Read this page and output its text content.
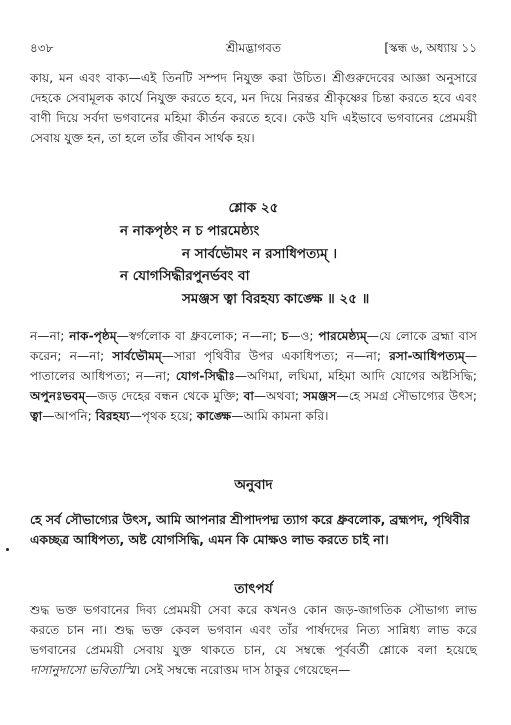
৪৩৮	শ্রীমদ্ভাগবত	[স্কন্ধ ৬, অধ্যায় ১১

কায়, মন এবং বাক্য—এই তিনটি সম্পদ নিযুক্ত করা উচিত। শ্রীগুরুদেবের আজ্ঞা অনুসারে দেহকে সেবামূলক কার্যে নিযুক্ত করতে হবে, মন দিয়ে নিরন্তর শ্রীকৃষ্ণের চিন্তা করতে হবে এবং বাণী দিয়ে সর্বদা ভগবানের মহিমা কীর্তন করতে হবে। কেউ যদি এইভাবে ভগবানের প্রেমময়ী সেবায় যুক্ত হন, তা হলে তাঁর জীবন সার্থক হয়।

শ্লোক ২৫

ন নাকপৃষ্ঠং ন চ পারমেষ্ঠ্যং
ন সার্বভৌমং ন রসাধিপত্যম্ ।
ন যোগসিদ্ধীরপুনর্ভবং বা
সমঞ্জস ত্বা বিরহয্য কাঙ্ক্ষে ॥ ২৫ ॥

ন—না; নাক-পৃষ্ঠম্—স্বর্গলোক বা ধ্রুবলোক; ন—না; চ—ও; পারমেষ্ঠ্যম্—যে লোকে ব্রহ্মা বাস করেন; ন—না; সার্বভৌমম্—সারা পৃথিবীর উপর একাধিপত্য; ন—না; রসা-আধিপত্যম্—পাতালের আধিপত্য; ন—না; যোগ-সিদ্ধীঃ—অণিমা, লঘিমা, মহিমা আদি যোগের অষ্টসিদ্ধি; অপুনঃভবম্—জড় দেহের বন্ধন থেকে মুক্তি; বা—অথবা; সমঞ্জস—হে সমগ্র সৌভাগ্যের উৎস; ত্বা—আপনি; বিরহয্য—পৃথক হয়ে; কাঙ্ক্ষে—আমি কামনা করি।

অনুবাদ

হে সর্ব সৌভাগ্যের উৎস, আমি আপনার শ্রীপাদপদ্ম ত্যাগ করে ধ্রুবলোক, ব্রহ্মপদ, পৃথিবীর একচ্ছত্র আধিপত্য, অষ্ট যোগসিদ্ধি, এমন কি মোক্ষও লাভ করতে চাই না।

তাৎপর্য

শুদ্ধ ভক্ত ভগবানের দিব্য প্রেমময়ী সেবা করে কখনও কোন জড়-জাগতিক সৌভাগ্য লাভ করতে চান না। শুদ্ধ ভক্ত কেবল ভগবান এবং তাঁর পার্ষদদের নিত্য সান্নিধ্য লাভ করে ভগবানের প্রেমময়ী সেবায় যুক্ত থাকতে চান, যে সম্বন্ধে পূর্ববর্তী শ্লোকে বলা হয়েছে দাসানুদাসো ভবিতাস্মি। সেই সম্বন্ধে নরোত্তম দাস ঠাকুর গেয়েছেন—
